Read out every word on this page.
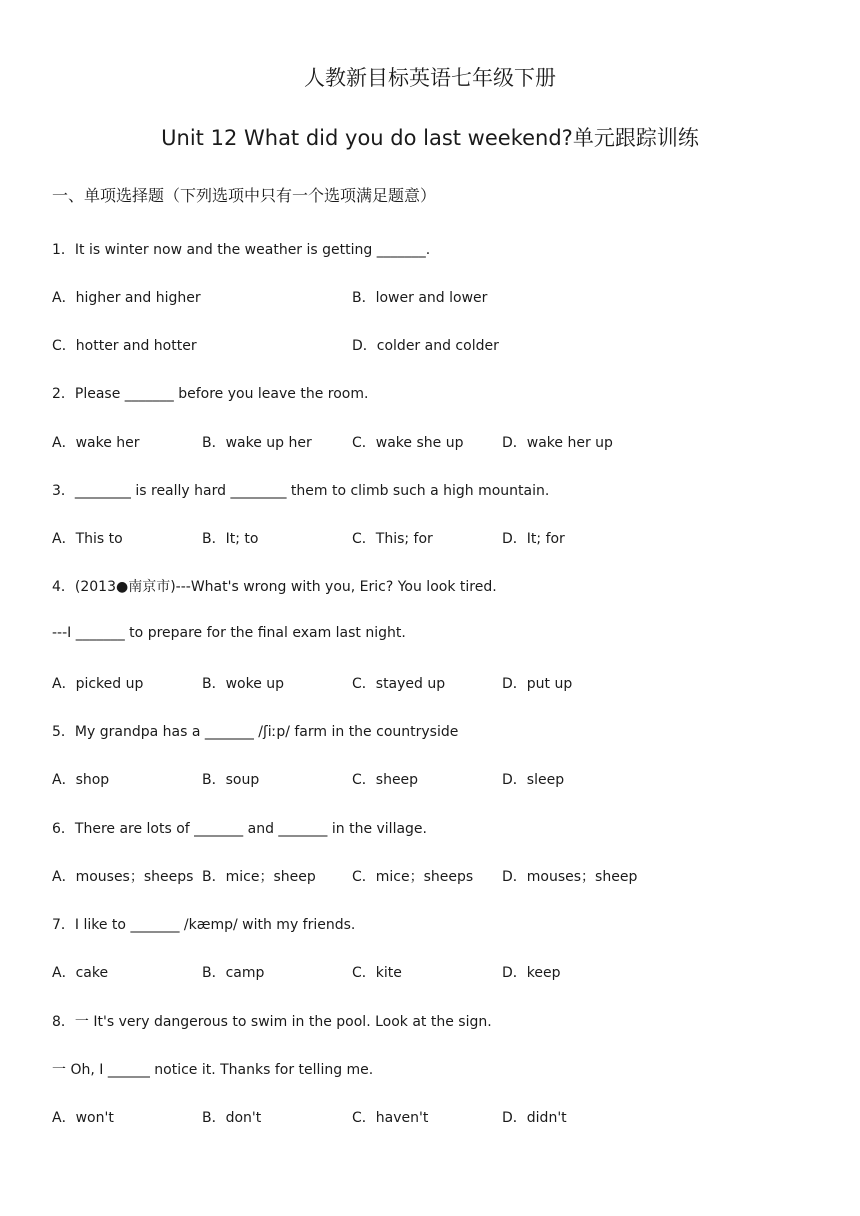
人教新目标英语七年级下册
Unit 12 What did you do last weekend?单元跟踪训练
一、单项选择题（下列选项中只有一个选项满足题意）
1．It is winter now and the weather is getting _______.
A．higher and higher	B．lower and lower
C．hotter and hotter	D．colder and colder
2．Please _______ before you leave the room.
A．wake her	B．wake up her	C．wake she up	D．wake her up
3．________ is really hard ________ them to climb such a high mountain.
A．This to	B．It; to	C．This; for	D．It; for
4．(2013●南京市)---What's wrong with you, Eric? You look tired.
---I _______ to prepare for the final exam last night.
A．picked up	B．woke up	C．stayed up	D．put up
5．My grandpa has a _______ /ʃiːp/ farm in the countryside
A．shop	B．soup	C．sheep	D．sleep
6．There are lots of _______ and _______ in the village.
A．mouses；sheeps B．mice；sheep	C．mice；sheeps D．mouses；sheep
7．I like to _______ /kæmp/ with my friends.
A．cake	B．camp	C．kite	D．keep
8．一 It's very dangerous to swim in the pool. Look at the sign.
一 Oh, I ______ notice it. Thanks for telling me.
A．won't	B．don't	C．haven't	D．didn't
